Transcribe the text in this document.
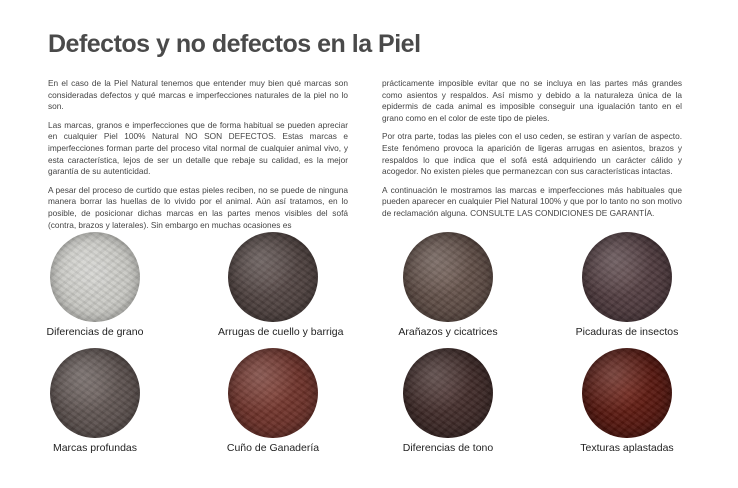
Defectos y no defectos en la Piel

En el caso de la Piel Natural tenemos que entender muy bien qué marcas son consideradas defectos y qué marcas e imperfecciones naturales de la piel no lo son.

Las marcas, granos e imperfecciones que de forma habitual se pueden apreciar en cualquier Piel 100% Natural NO SON DEFECTOS. Estas marcas e imperfecciones forman parte del proceso vital normal de cualquier animal vivo, y esta característica, lejos de ser un detalle que rebaje su calidad, es la mejor garantía de su autenticidad.

A pesar del proceso de curtido que estas pieles reciben, no se puede de ninguna manera borrar las huellas de lo vivido por el animal. Aún así tratamos, en lo posible, de posicionar dichas marcas en las partes menos visibles del sofá (contra, brazos y laterales). Sin embargo en muchas ocasiones es

prácticamente imposible evitar que no se incluya en las partes más grandes como asientos y respaldos. Así mismo y debido a la naturaleza única de la epidermis de cada animal es imposible conseguir una igualación tanto en el grano como en el color de este tipo de pieles.

Por otra parte, todas las pieles con el uso ceden, se estiran y varían de aspecto. Este fenómeno provoca la aparición de ligeras arrugas en asientos, brazos y respaldos lo que indica que el sofá está adquiriendo un carácter cálido y acogedor. No existen pieles que permanezcan con sus características intactas.

A continuación le mostramos las marcas e imperfecciones más habituales que pueden aparecer en cualquier Piel Natural 100% y que por lo tanto no son motivo de reclamación alguna. CONSULTE LAS CONDICIONES DE GARANTÍA.

Diferencias de grano	Arrugas de cuello y barriga	Arañazos y cicatrices	Picaduras de insectos
Marcas profundas	Cuño de Ganadería	Diferencias de tono	Texturas aplastadas
